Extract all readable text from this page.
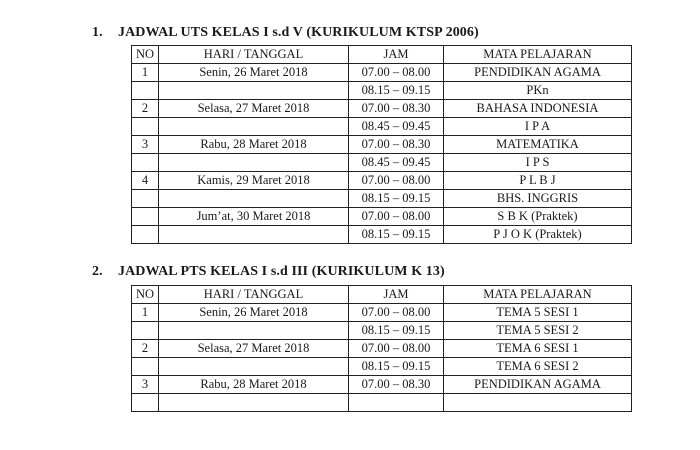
1. JADWAL UTS KELAS I s.d V (KURIKULUM KTSP 2006)
NO	HARI / TANGGAL	JAM	MATA PELAJARAN
1	Senin, 26 Maret 2018	07.00 – 08.00	PENDIDIKAN AGAMA
		08.15 – 09.15	PKn
2	Selasa, 27 Maret 2018	07.00 – 08.30	BAHASA INDONESIA
		08.45 – 09.45	I P A
3	Rabu, 28 Maret 2018	07.00 – 08.30	MATEMATIKA
		08.45 – 09.45	I P S
4	Kamis, 29 Maret 2018	07.00 – 08.00	P L B J
		08.15 – 09.15	BHS. INGGRIS
	Jum’at, 30 Maret 2018	07.00 – 08.00	S B K (Praktek)
		08.15 – 09.15	P J O K (Praktek)
2. JADWAL PTS KELAS I s.d III (KURIKULUM K 13)
NO	HARI / TANGGAL	JAM	MATA PELAJARAN
1	Senin, 26 Maret 2018	07.00 – 08.00	TEMA 5 SESI 1
		08.15 – 09.15	TEMA 5 SESI 2
2	Selasa, 27 Maret 2018	07.00 – 08.00	TEMA 6 SESI 1
		08.15 – 09.15	TEMA 6 SESI 2
3	Rabu, 28 Maret 2018	07.00 – 08.30	PENDIDIKAN AGAMA
